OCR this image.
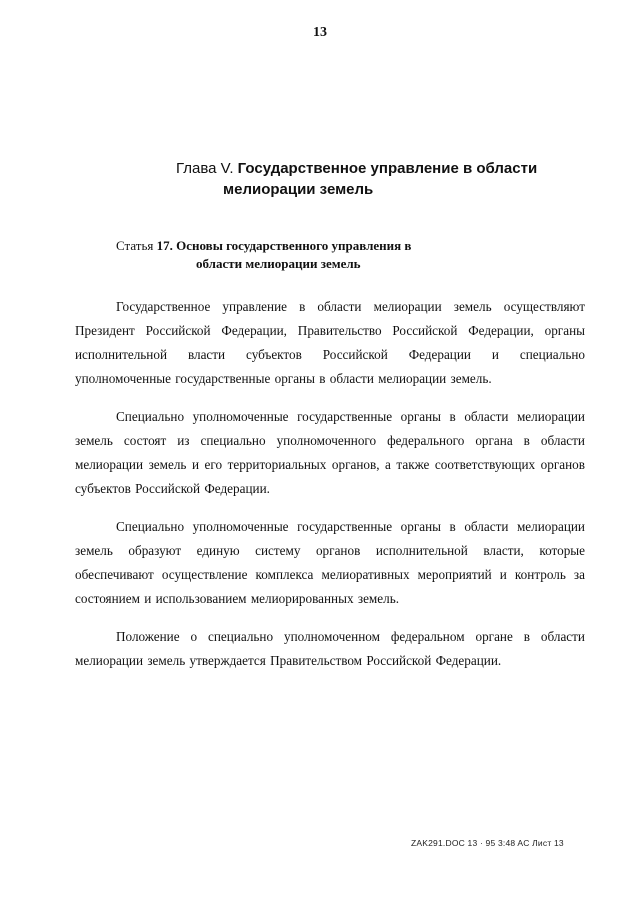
13
Глава V. Государственное управление в области
мелиорации земель
Статья 17. Основы государственного управления в
области мелиорации земель

Государственное управление в области мелиорации земель осуществляют Президент Российской Федерации, Правительство Российской Федерации, органы исполнительной власти субъектов Российской Федерации и специально уполномоченные государственные органы в области мелиорации земель.

Специально уполномоченные государственные органы в области мелиорации земель состоят из специально уполномоченного федерального органа в области мелиорации земель и его территориальных органов, а также соответствующих органов субъектов Российской Федерации.

Специально уполномоченные государственные органы в области мелиорации земель образуют единую систему органов исполнительной власти, которые обеспечивают осуществление комплекса мелиоративных мероприятий и контроль за состоянием и использованием мелиорированных земель.

Положение о специально уполномоченном федеральном органе в области мелиорации земель утверждается Правительством Российской Федерации.

ZAK291.DOC 13 · 95 3:48 AC Лист 13
